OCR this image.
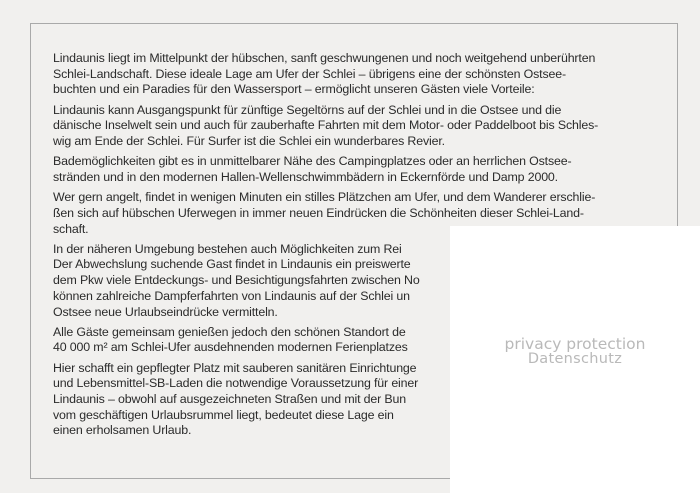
Lindaunis liegt im Mittelpunkt der hübschen, sanft geschwungenen und noch weitgehend unberührten
Schlei-Landschaft. Diese ideale Lage am Ufer der Schlei – übrigens eine der schönsten Ostsee-
buchten und ein Paradies für den Wassersport – ermöglicht unseren Gästen viele Vorteile:

Lindaunis kann Ausgangspunkt für zünftige Segeltörns auf der Schlei und in die Ostsee und die
dänische Inselwelt sein und auch für zauberhafte Fahrten mit dem Motor- oder Paddelboot bis Schles-
wig am Ende der Schlei. Für Surfer ist die Schlei ein wunderbares Revier.

Bademöglichkeiten gibt es in unmittelbarer Nähe des Campingplatzes oder an herrlichen Ostsee-
stränden und in den modernen Hallen-Wellenschwimmbädern in Eckernförde und Damp 2000.

Wer gern angelt, findet in wenigen Minuten ein stilles Plätzchen am Ufer, und dem Wanderer erschlie-
ßen sich auf hübschen Uferwegen in immer neuen Eindrücken die Schönheiten dieser Schlei-Land-
schaft.

In der näheren Umgebung bestehen auch Möglichkeiten zum Rei
Der Abwechslung suchende Gast findet in Lindaunis ein preiswerte
dem Pkw viele Entdeckungs- und Besichtigungsfahrten zwischen No
können zahlreiche Dampferfahrten von Lindaunis auf der Schlei un
Ostsee neue Urlaubseindrücke vermitteln.

Alle Gäste gemeinsam genießen jedoch den schönen Standort de
40 000 m² am Schlei-Ufer ausdehnenden modernen Ferienplatzes

Hier schafft ein gepflegter Platz mit sauberen sanitären Einrichtunge
und Lebensmittel-SB-Laden die notwendige Voraussetzung für einer
Lindaunis – obwohl auf ausgezeichneten Straßen und mit der Bun
vom geschäftigen Urlaubsrummel liegt, bedeutet diese Lage ein
einen erholsamen Urlaub.

privacy protection
Datenschutz
